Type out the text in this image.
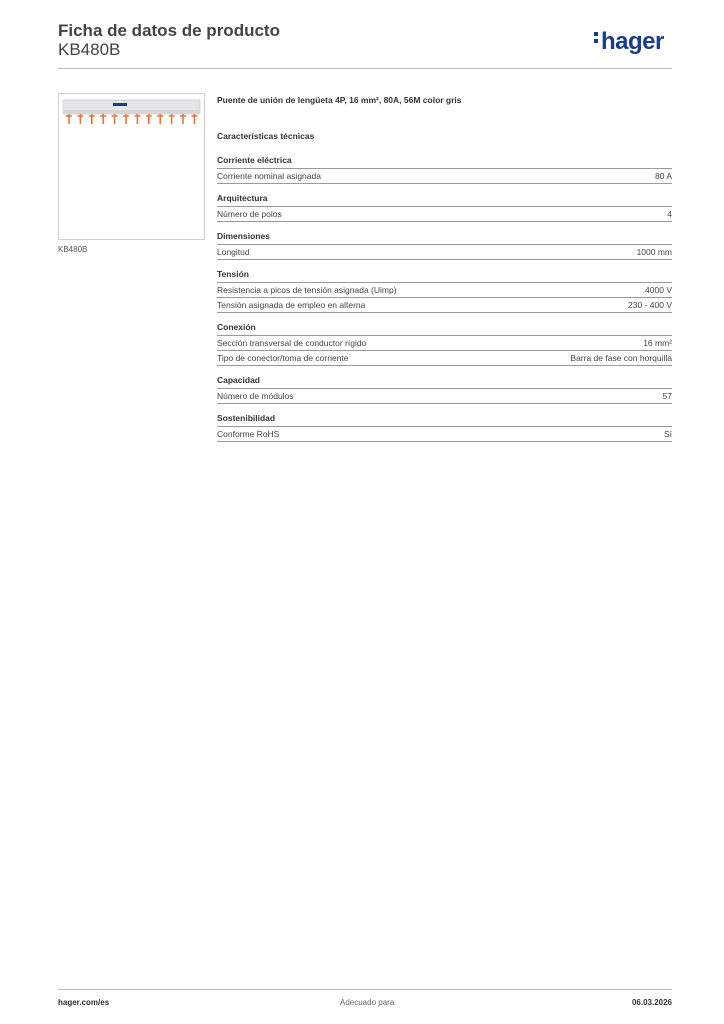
Ficha de datos de producto
KB480B	hager
KB480B
Puente de unión de lengüeta 4P, 16 mm², 80A, 56M color gris
Características técnicas
Corriente eléctrica
Corriente nominal asignada	80 A
Arquitectura
Número de polos	4
Dimensiones
Longitud	1000 mm
Tensión
Resistencia a picos de tensión asignada (Uimp)	4000 V
Tensión asignada de empleo en alterna	230 - 400 V
Conexión
Sección transversal de conductor rígido	16 mm²
Tipo de conector/toma de corriente	Barra de fase con horquilla
Capacidad
Número de módulos	57
Sostenibilidad
Conforme RoHS	Sí
hager.com/es	Adecuado para	06.03.2026
